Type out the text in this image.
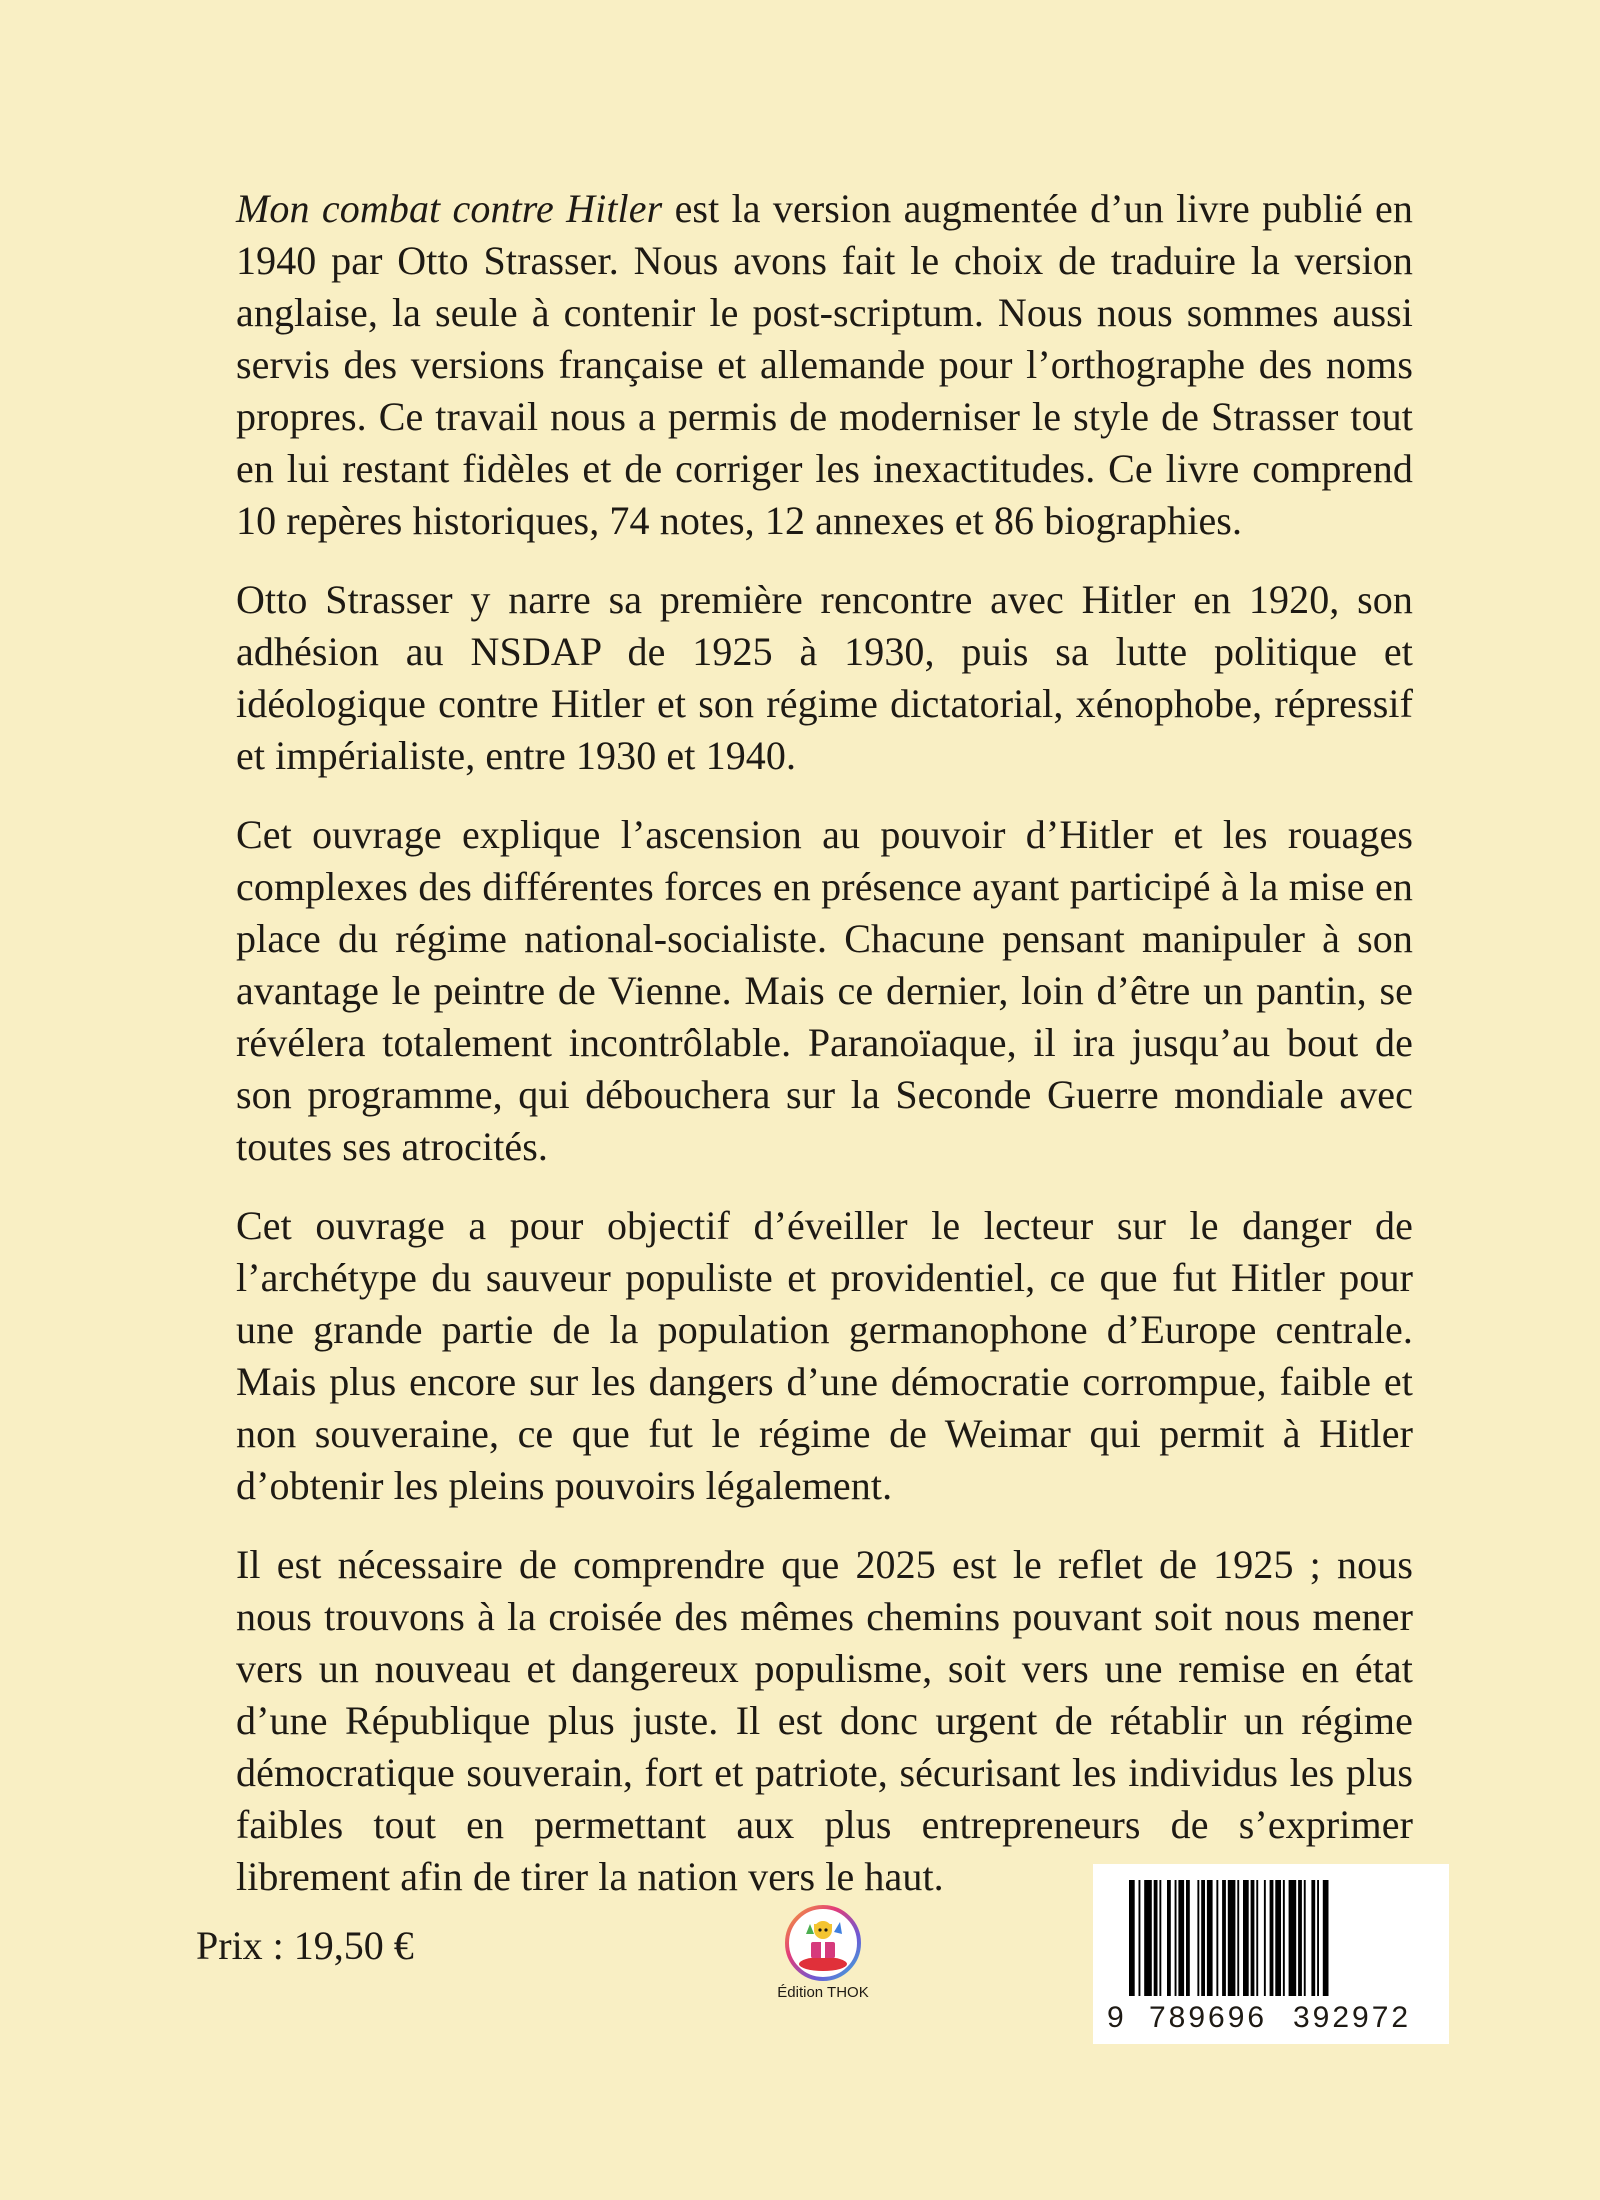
Mon combat contre Hitler est la version augmentée d’un livre publié en 1940 par Otto Strasser. Nous avons fait le choix de traduire la version anglaise, la seule à contenir le post-scriptum. Nous nous sommes aussi servis des versions française et allemande pour l’orthographe des noms propres. Ce travail nous a permis de moderniser le style de Strasser tout en lui restant fidèles et de corriger les inexactitudes. Ce livre comprend 10 repères historiques, 74 notes, 12 annexes et 86 biographies.

Otto Strasser y narre sa première rencontre avec Hitler en 1920, son adhésion au NSDAP de 1925 à 1930, puis sa lutte politique et idéologique contre Hitler et son régime dictatorial, xénophobe, répressif et impérialiste, entre 1930 et 1940.

Cet ouvrage explique l’ascension au pouvoir d’Hitler et les rouages complexes des différentes forces en présence ayant participé à la mise en place du régime national-socialiste. Chacune pensant manipuler à son avantage le peintre de Vienne. Mais ce dernier, loin d’être un pantin, se révélera totalement incontrôlable. Paranoïaque, il ira jusqu’au bout de son programme, qui débouchera sur la Seconde Guerre mondiale avec toutes ses atrocités.

Cet ouvrage a pour objectif d’éveiller le lecteur sur le danger de l’archétype du sauveur populiste et providentiel, ce que fut Hitler pour une grande partie de la population germanophone d’Europe centrale. Mais plus encore sur les dangers d’une démocratie corrompue, faible et non souveraine, ce que fut le régime de Weimar qui permit à Hitler d’obtenir les pleins pouvoirs légalement.

Il est nécessaire de comprendre que 2025 est le reflet de 1925 ; nous nous trouvons à la croisée des mêmes chemins pouvant soit nous mener vers un nouveau et dangereux populisme, soit vers une remise en état d’une République plus juste. Il est donc urgent de rétablir un régime démocratique souverain, fort et patriote, sécurisant les individus les plus faibles tout en permettant aux plus entrepreneurs de s’exprimer librement afin de tirer la nation vers le haut.

Prix : 19,50 €
Édition THOK
9 789696 392972
